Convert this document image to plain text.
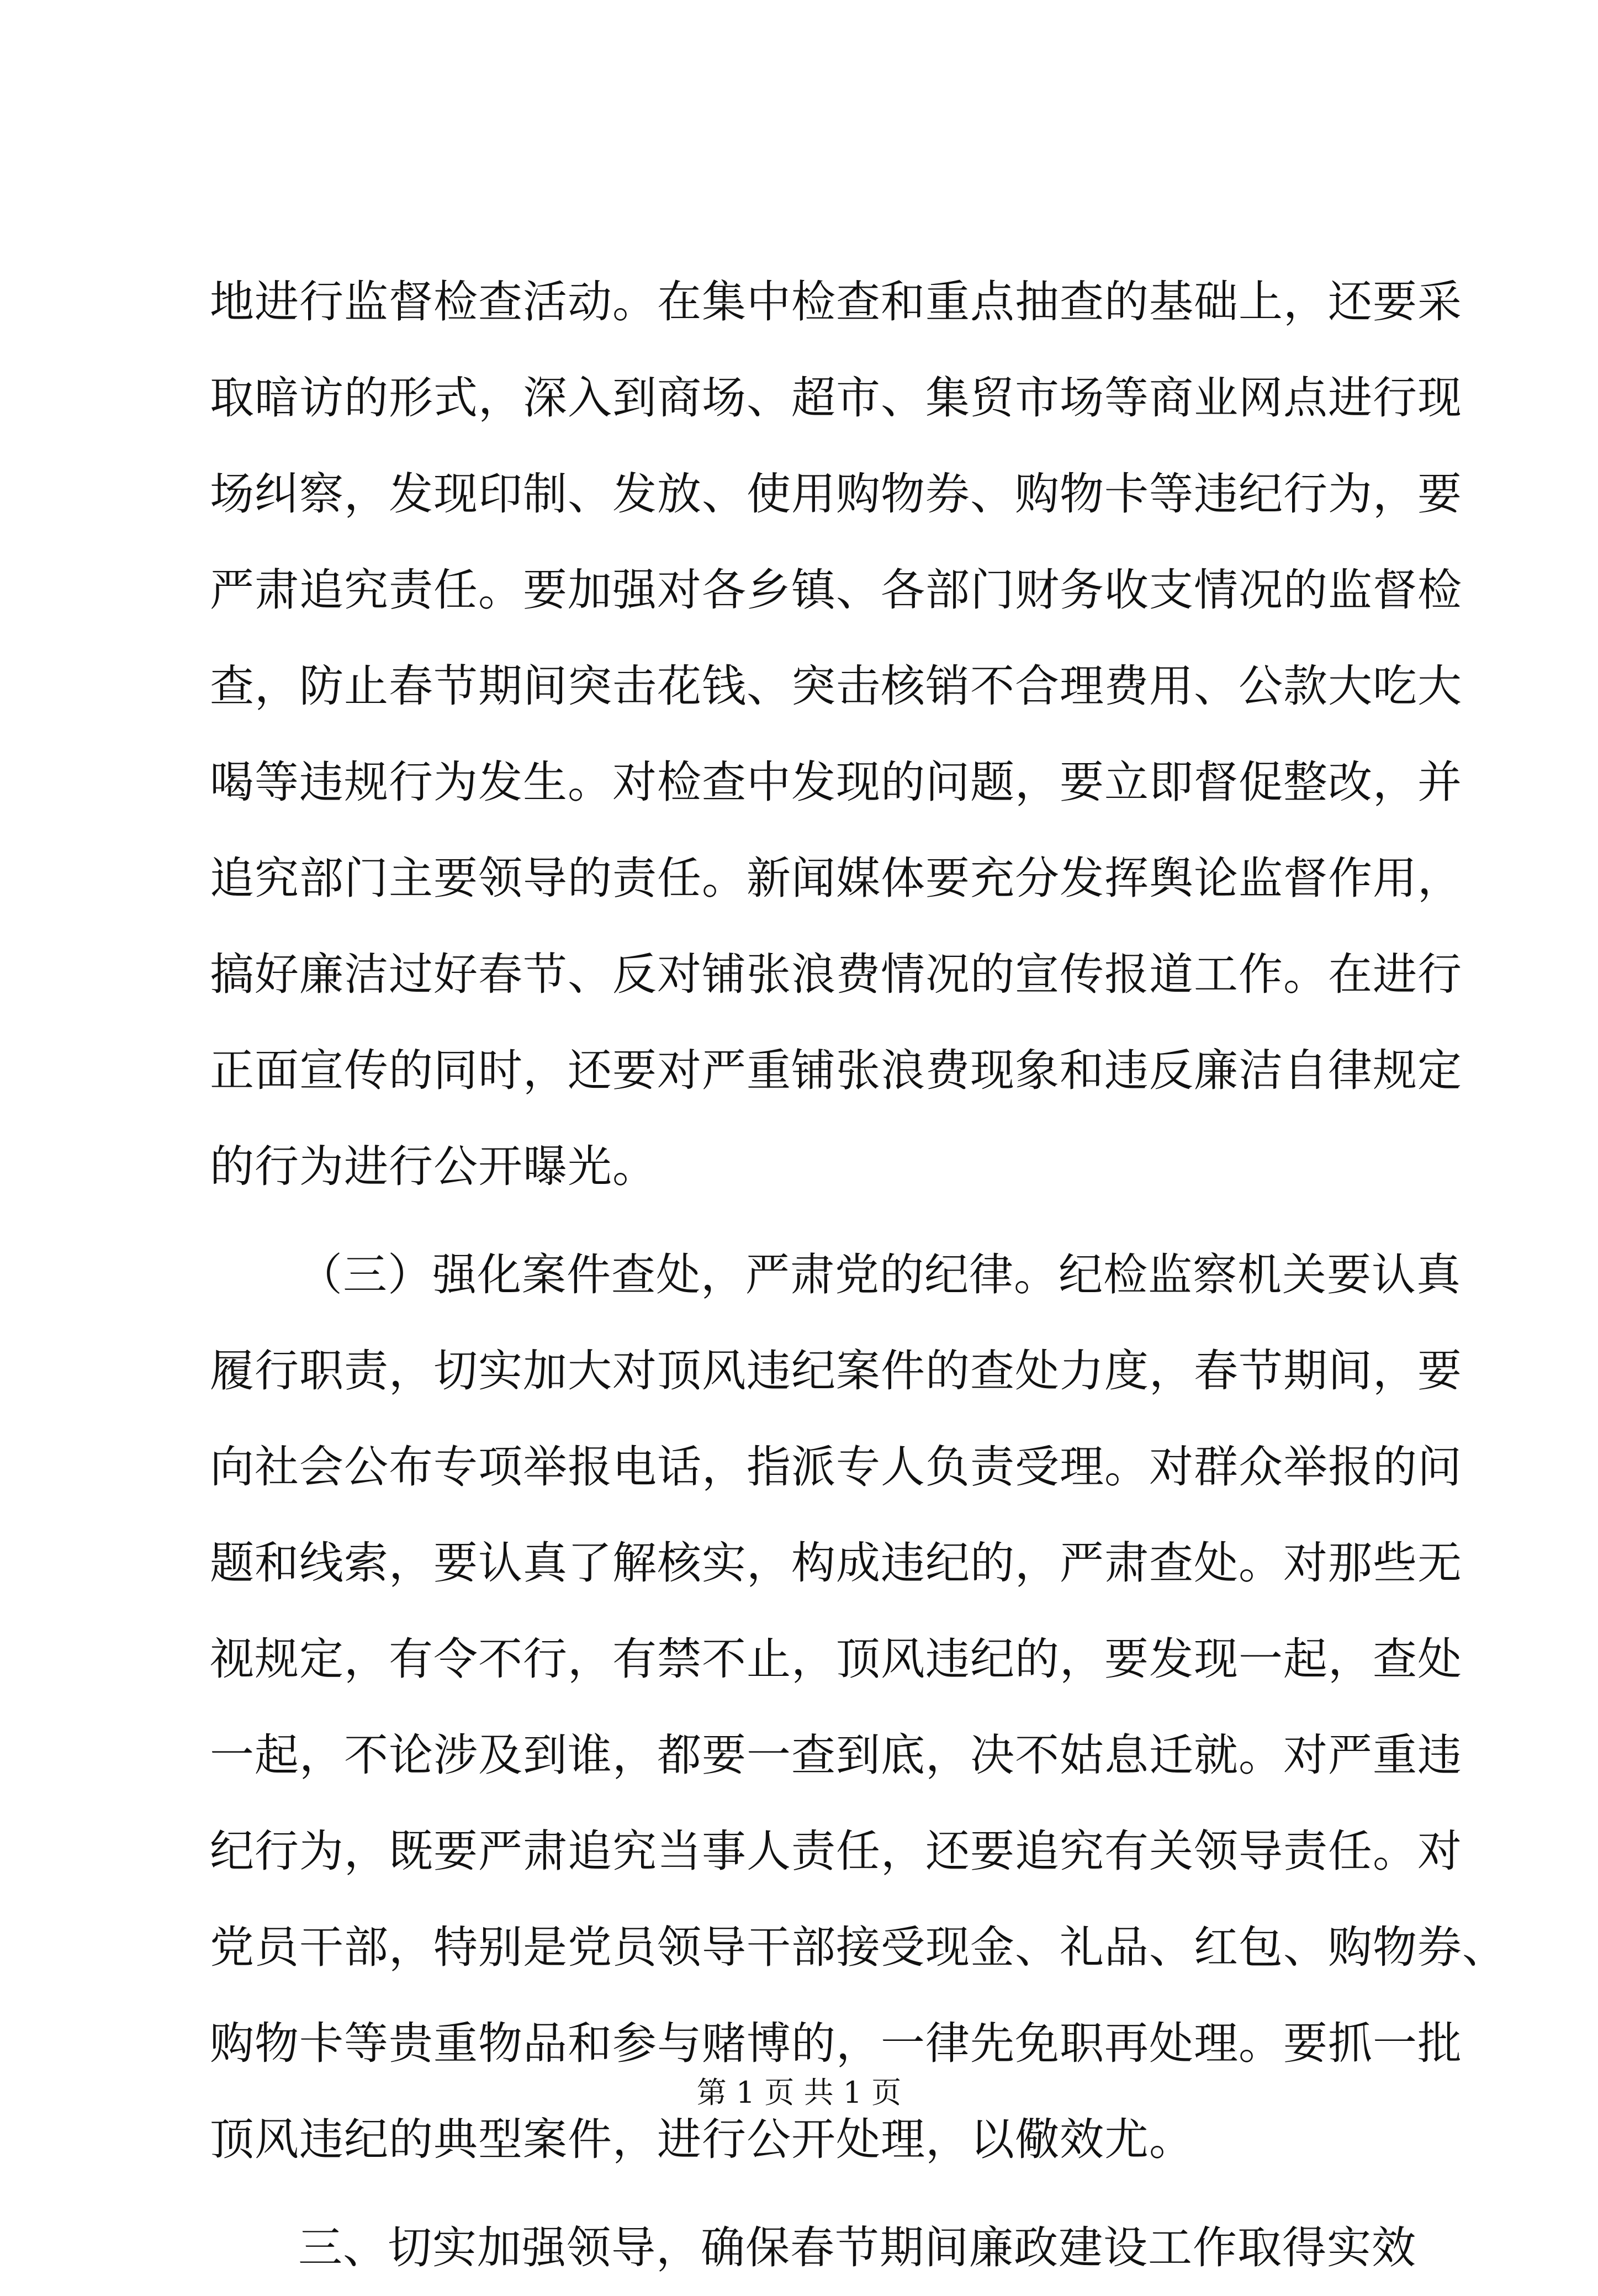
地进行监督检查活动。在集中检查和重点抽查的基础上，还要采
取暗访的形式，深入到商场、超市、集贸市场等商业网点进行现
场纠察，发现印制、发放、使用购物券、购物卡等违纪行为，要
严肃追究责任。要加强对各乡镇、各部门财务收支情况的监督检
查，防止春节期间突击花钱、突击核销不合理费用、公款大吃大
喝等违规行为发生。对检查中发现的问题，要立即督促整改，并
追究部门主要领导的责任。新闻媒体要充分发挥舆论监督作用，
搞好廉洁过好春节、反对铺张浪费情况的宣传报道工作。在进行
正面宣传的同时，还要对严重铺张浪费现象和违反廉洁自律规定
的行为进行公开曝光。
（三）强化案件查处，严肃党的纪律。纪检监察机关要认真
履行职责，切实加大对顶风违纪案件的查处力度，春节期间，要
向社会公布专项举报电话，指派专人负责受理。对群众举报的问
题和线索，要认真了解核实，构成违纪的，严肃查处。对那些无
视规定，有令不行，有禁不止，顶风违纪的，要发现一起，查处
一起，不论涉及到谁，都要一查到底，决不姑息迁就。对严重违
纪行为，既要严肃追究当事人责任，还要追究有关领导责任。对
党员干部，特别是党员领导干部接受现金、礼品、红包、购物券、
购物卡等贵重物品和参与赌博的，一律先免职再处理。要抓一批
顶风违纪的典型案件，进行公开处理，以儆效尤。
三、切实加强领导，确保春节期间廉政建设工作取得实效
第 1 页 共 1 页
